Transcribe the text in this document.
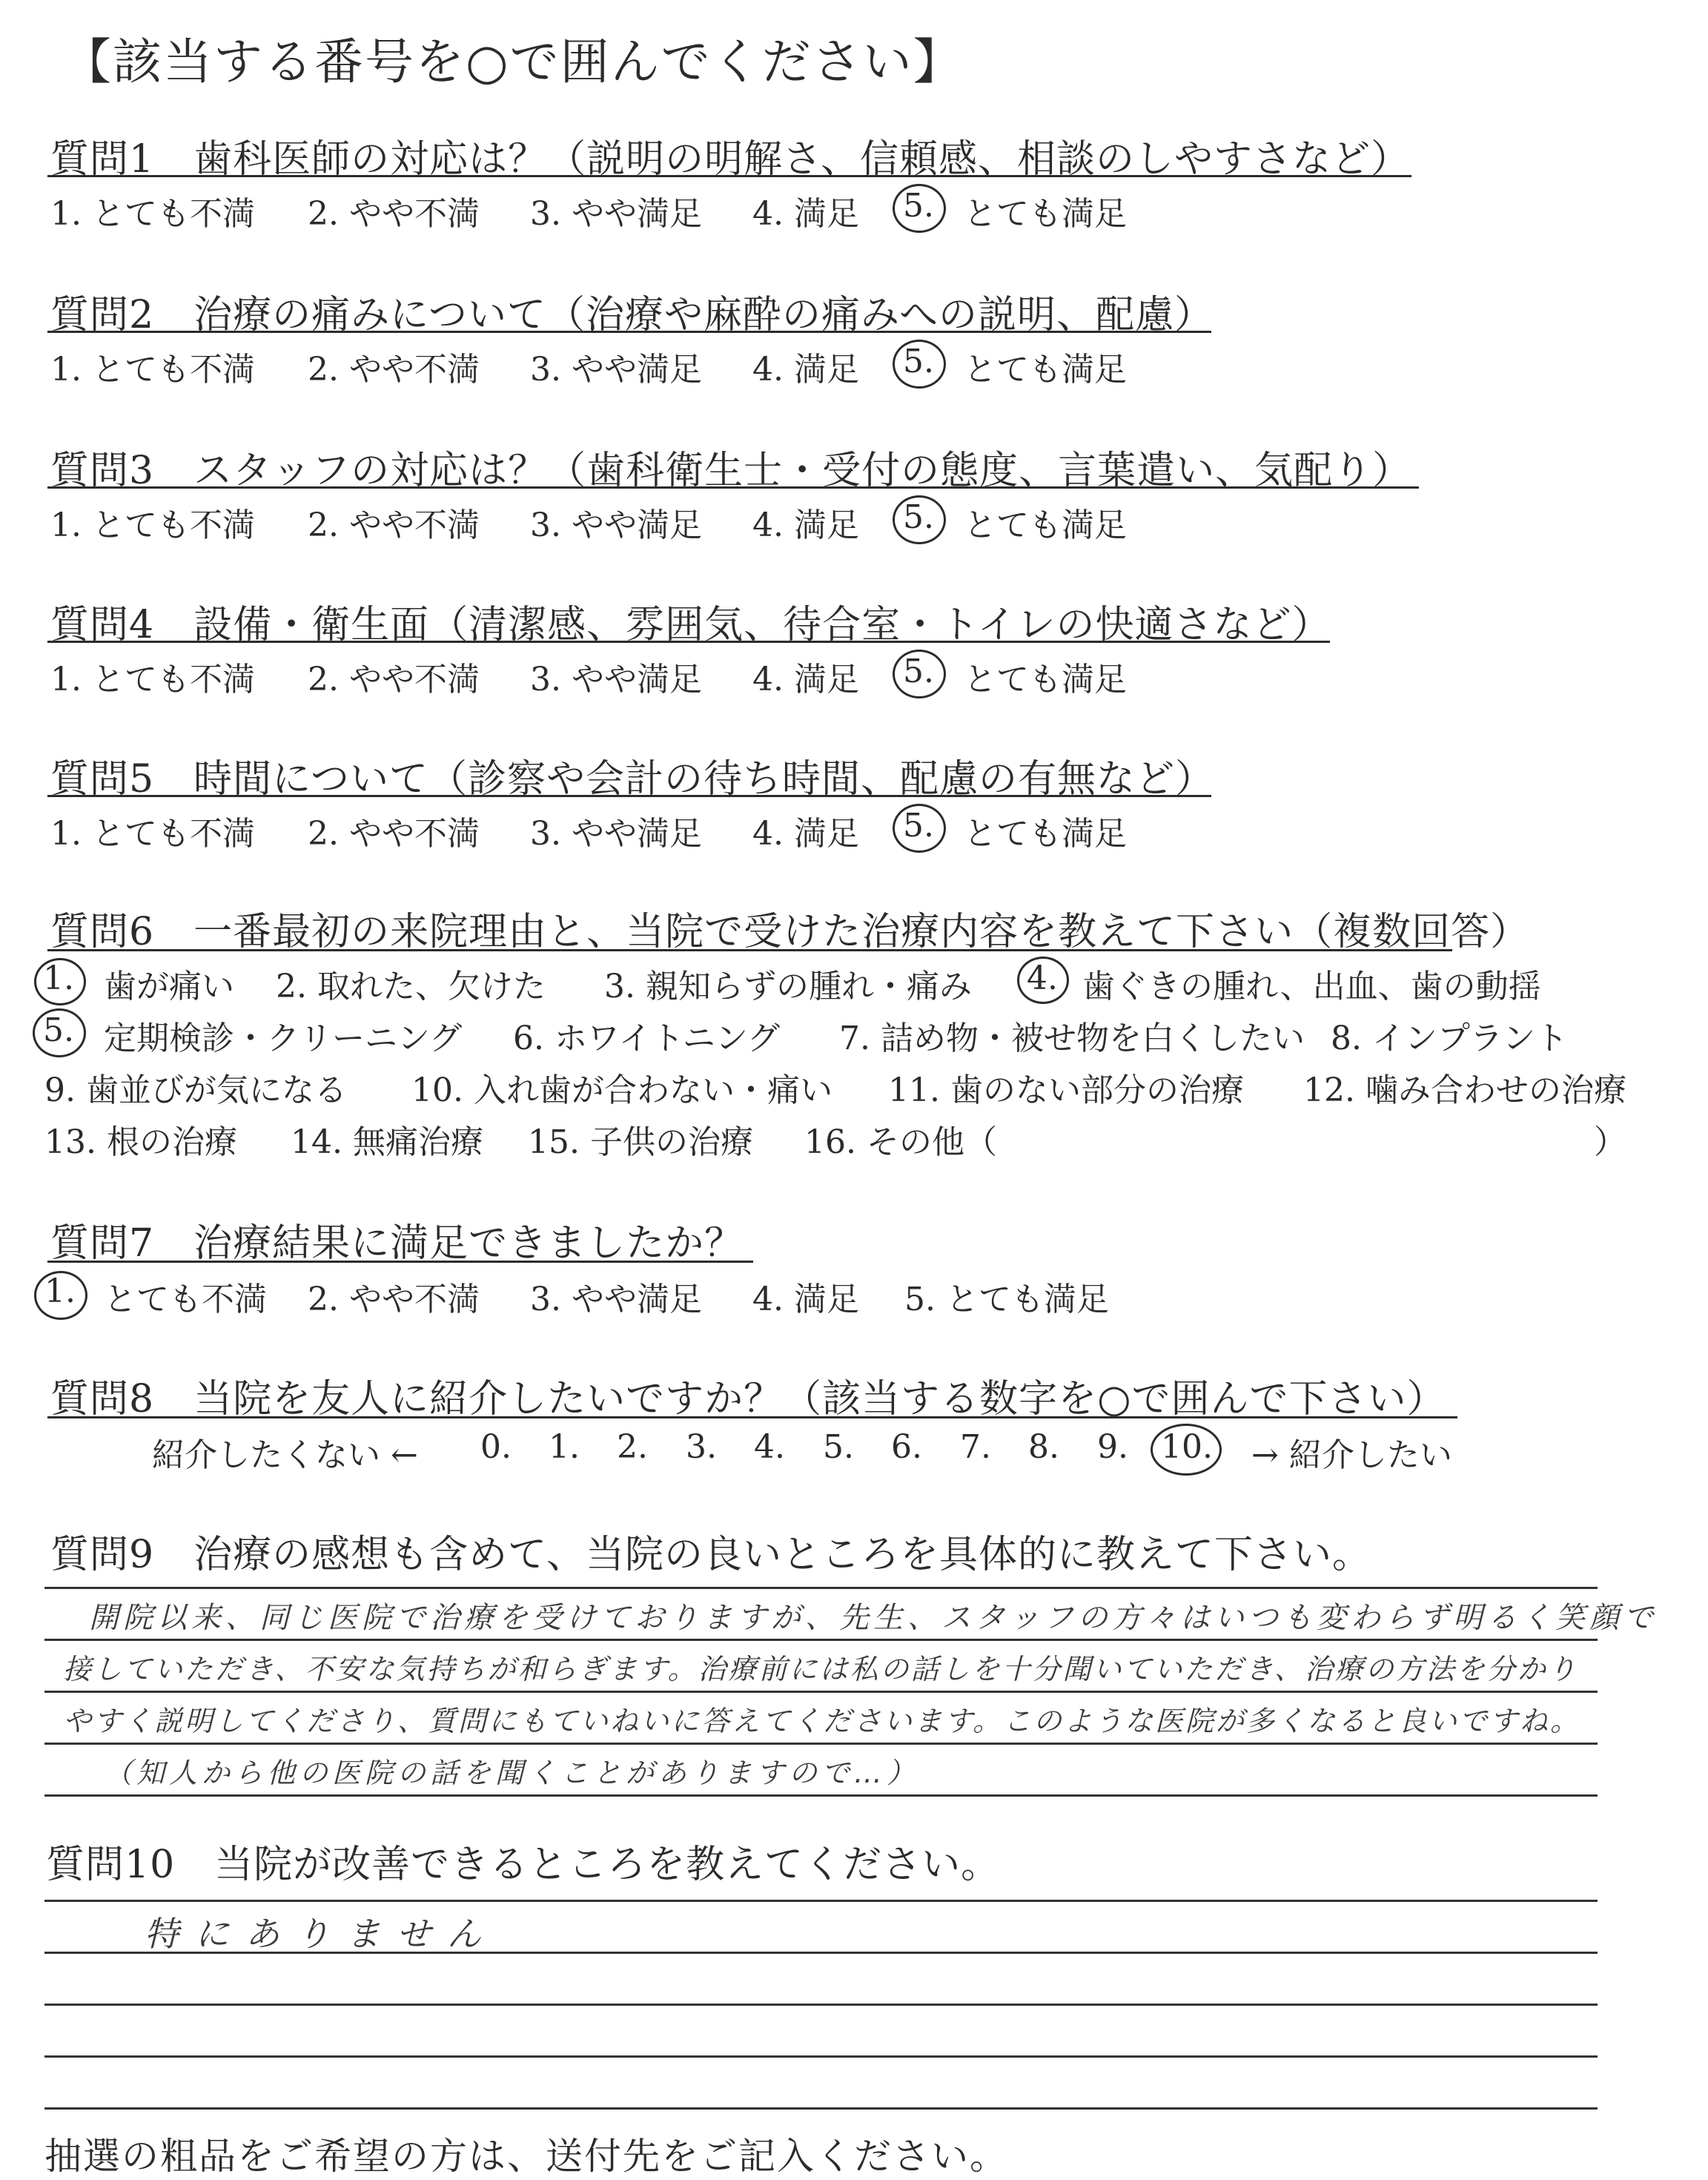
【該当する番号を○で囲んでください】
質問1　歯科医師の対応は？（説明の明解さ、信頼感、相談のしやすさなど）
1. とても不満 2. やや不満 3. やや満足 4. 満足 5. とても満足
質問2　治療の痛みについて（治療や麻酔の痛みへの説明、配慮）
1. とても不満 2. やや不満 3. やや満足 4. 満足 5. とても満足
質問3　スタッフの対応は？（歯科衛生士・受付の態度、言葉遣い、気配り）
1. とても不満 2. やや不満 3. やや満足 4. 満足 5. とても満足
質問4　設備・衛生面（清潔感、雰囲気、待合室・トイレの快適さなど）
1. とても不満 2. やや不満 3. やや満足 4. 満足 5. とても満足
質問5　時間について（診察や会計の待ち時間、配慮の有無など）
1. とても不満 2. やや不満 3. やや満足 4. 満足 5. とても満足
質問6　一番最初の来院理由と、当院で受けた治療内容を教えて下さい（複数回答）
1. 歯が痛い 2. 取れた、欠けた 3. 親知らずの腫れ・痛み 4. 歯ぐきの腫れ、出血、歯の動揺
5. 定期検診・クリーニング 6. ホワイトニング 7. 詰め物・被せ物を白くしたい 8. インプラント
9. 歯並びが気になる 10. 入れ歯が合わない・痛い 11. 歯のない部分の治療 12. 噛み合わせの治療
13. 根の治療 14. 無痛治療 15. 子供の治療 16. その他（	）
質問7　治療結果に満足できましたか？
1. とても不満 2. やや不満 3. やや満足 4. 満足 5. とても満足
質問8　当院を友人に紹介したいですか？（該当する数字を○で囲んで下さい）
紹介したくない ← 0. 1. 2. 3. 4. 5. 6. 7. 8. 9. 10. → 紹介したい
質問9　治療の感想も含めて、当院の良いところを具体的に教えて下さい。
開院以来、同じ医院で治療を受けておりますが、先生、スタッフの方々はいつも変わらず明るく笑顔で
接していただき、不安な気持ちが和らぎます。治療前には私の話しを十分聞いていただき、治療の方法を分かり
やすく説明してくださり、質問にもていねいに答えてくださいます。このような医院が多くなると良いですね。
（知人から他の医院の話を聞くことがありますので…）
質問10　当院が改善できるところを教えてください。
特にありません
抽選の粗品をご希望の方は、送付先をご記入ください。
